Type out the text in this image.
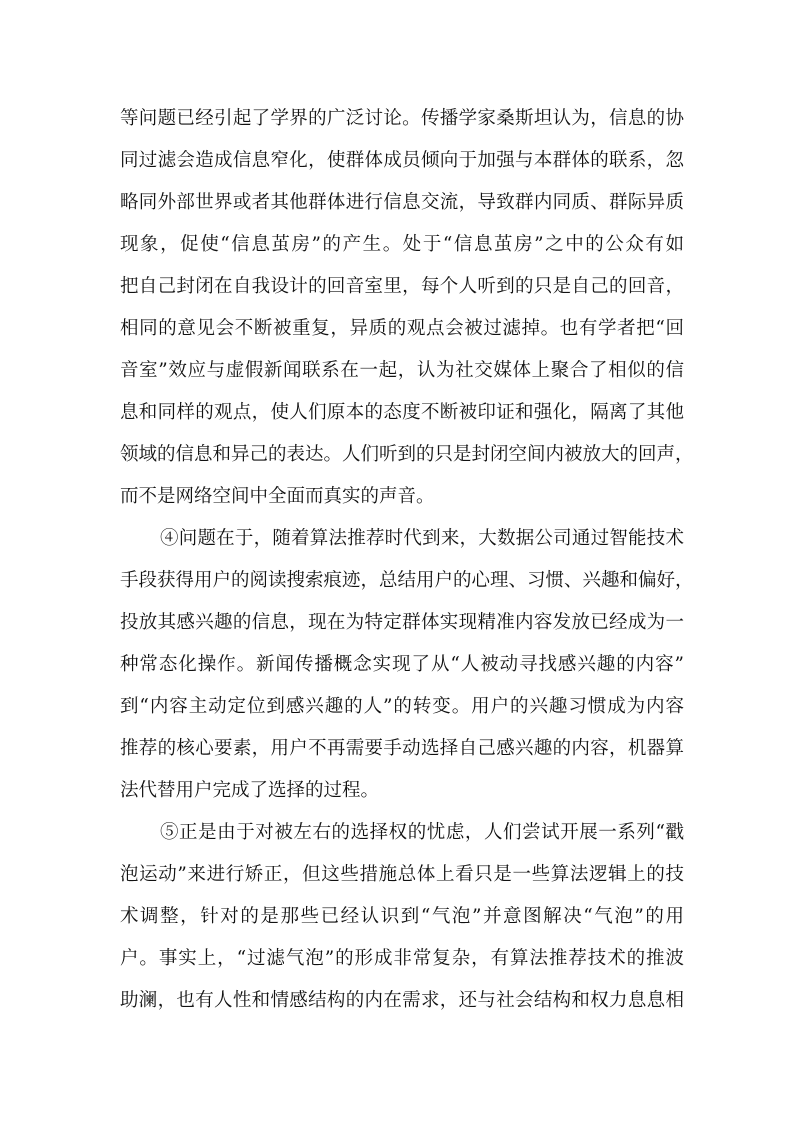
等问题已经引起了学界的广泛讨论。传播学家桑斯坦认为，信息的协
同过滤会造成信息窄化，使群体成员倾向于加强与本群体的联系，忽
略同外部世界或者其他群体进行信息交流，导致群内同质、群际异质
现象，促使“信息茧房”的产生。处于“信息茧房”之中的公众有如
把自己封闭在自我设计的回音室里，每个人听到的只是自己的回音，
相同的意见会不断被重复，异质的观点会被过滤掉。也有学者把“回
音室”效应与虚假新闻联系在一起，认为社交媒体上聚合了相似的信
息和同样的观点，使人们原本的态度不断被印证和强化，隔离了其他
领域的信息和异己的表达。人们听到的只是封闭空间内被放大的回声，
而不是网络空间中全面而真实的声音。
④问题在于，随着算法推荐时代到来，大数据公司通过智能技术
手段获得用户的阅读搜索痕迹，总结用户的心理、习惯、兴趣和偏好，
投放其感兴趣的信息，现在为特定群体实现精准内容发放已经成为一
种常态化操作。新闻传播概念实现了从“人被动寻找感兴趣的内容”
到“内容主动定位到感兴趣的人”的转变。用户的兴趣习惯成为内容
推荐的核心要素，用户不再需要手动选择自己感兴趣的内容，机器算
法代替用户完成了选择的过程。
⑤正是由于对被左右的选择权的忧虑，人们尝试开展一系列“戳
泡运动”来进行矫正，但这些措施总体上看只是一些算法逻辑上的技
术调整，针对的是那些已经认识到“气泡”并意图解决“气泡”的用
户。事实上，“过滤气泡”的形成非常复杂，有算法推荐技术的推波
助澜，也有人性和情感结构的内在需求，还与社会结构和权力息息相
